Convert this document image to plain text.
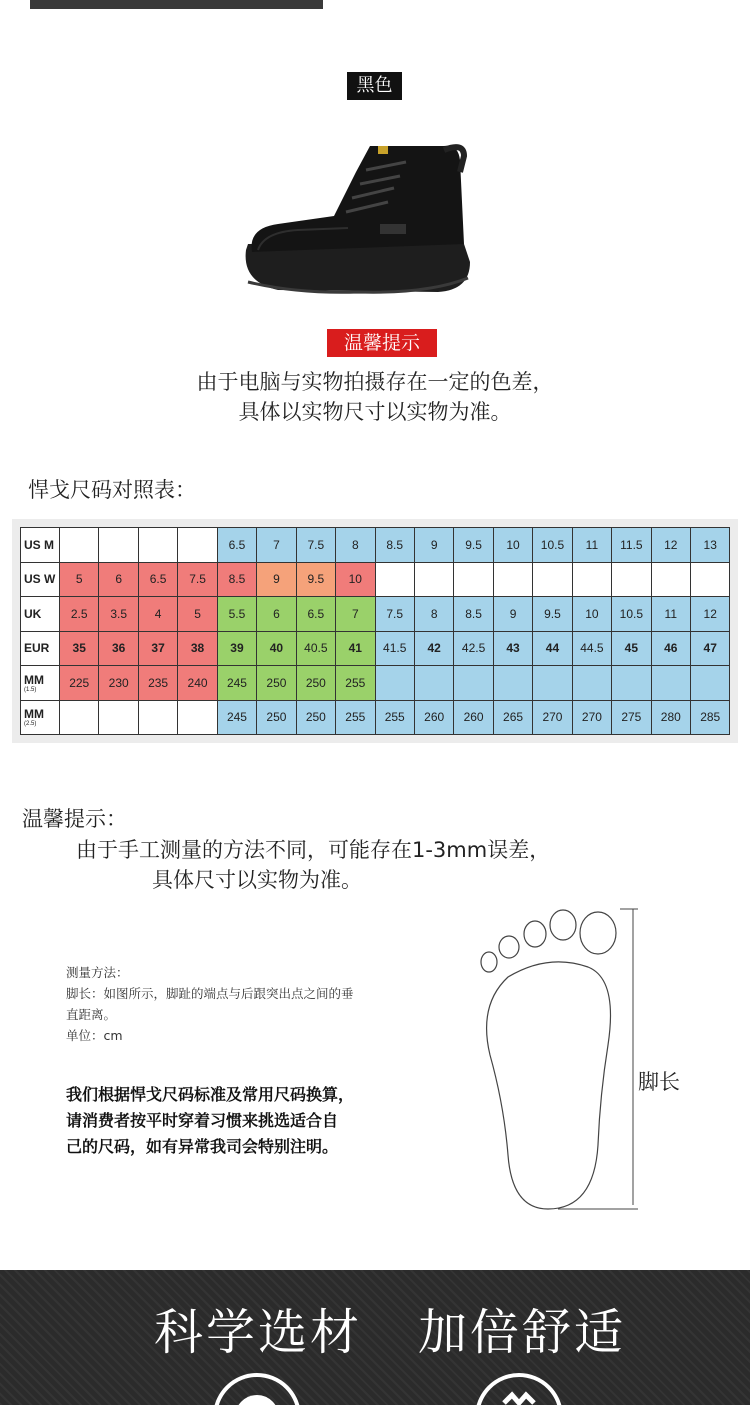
黑色
温馨提示
由于电脑与实物拍摄存在一定的色差，
具体以实物尺寸以实物为准。
悍戈尺码对照表：
US M					6.5	7	7.5	8	8.5	9	9.5	10	10.5	11	11.5	12	13
US W	5	6	6.5	7.5	8.5	9	9.5	10									
UK	2.5	3.5	4	5	5.5	6	6.5	7	7.5	8	8.5	9	9.5	10	10.5	11	12
EUR	35	36	37	38	39	40	40.5	41	41.5	42	42.5	43	44	44.5	45	46	47
MM
(1.5)	225	230	235	240	245	250	250	255									
MM
(2.5)					245	250	250	255	255	260	260	265	270	270	275	280	285
温馨提示：
由于手工测量的方法不同，可能存在1-3mm误差，
具体尺寸以实物为准。
测量方法：
脚长：如图所示，脚趾的端点与后跟突出点之间的垂
直距离。
单位：cm
我们根据悍戈尺码标准及常用尺码换算，
请消费者按平时穿着习惯来挑选适合自
己的尺码，如有异常我司会特别注明。
脚长
科学选材 加倍舒适
